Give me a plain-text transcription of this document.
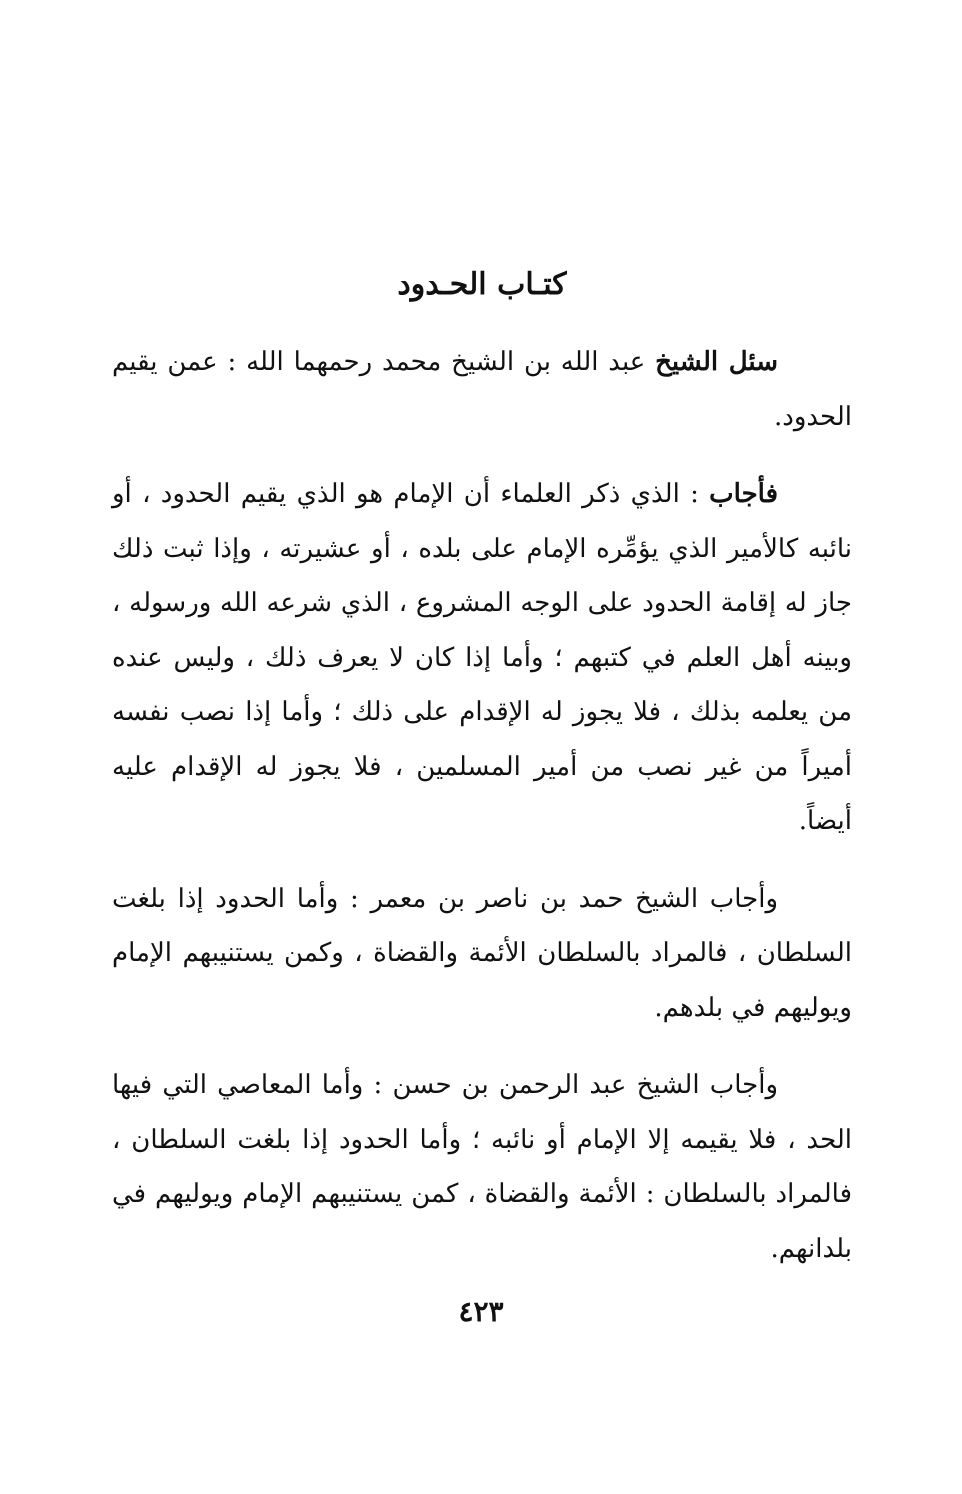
كتـاب الحـدود

سئل الشيخ عبد الله بن الشيخ محمد رحمهما الله : عمن يقيم الحدود.

فأجاب : الذي ذكر العلماء أن الإمام هو الذي يقيم الحدود ، أو نائبه كالأمير الذي يؤمِّره الإمام على بلده ، أو عشيرته ، وإذا ثبت ذلك جاز له إقامة الحدود على الوجه المشروع ، الذي شرعه الله ورسوله ، وبينه أهل العلم في كتبهم ؛ وأما إذا كان لا يعرف ذلك ، وليس عنده من يعلمه بذلك ، فلا يجوز له الإقدام على ذلك ؛ وأما إذا نصب نفسه أميراً من غير نصب من أمير المسلمين ، فلا يجوز له الإقدام عليه أيضاً.

وأجاب الشيخ حمد بن ناصر بن معمر : وأما الحدود إذا بلغت السلطان ، فالمراد بالسلطان الأئمة والقضاة ، وكمن يستنيبهم الإمام ويوليهم في بلدهم.

وأجاب الشيخ عبد الرحمن بن حسن : وأما المعاصي التي فيها الحد ، فلا يقيمه إلا الإمام أو نائبه ؛ وأما الحدود إذا بلغت السلطان ، فالمراد بالسلطان : الأئمة والقضاة ، كمن يستنيبهم الإمام ويوليهم في بلدانهم.

٤٢٣
